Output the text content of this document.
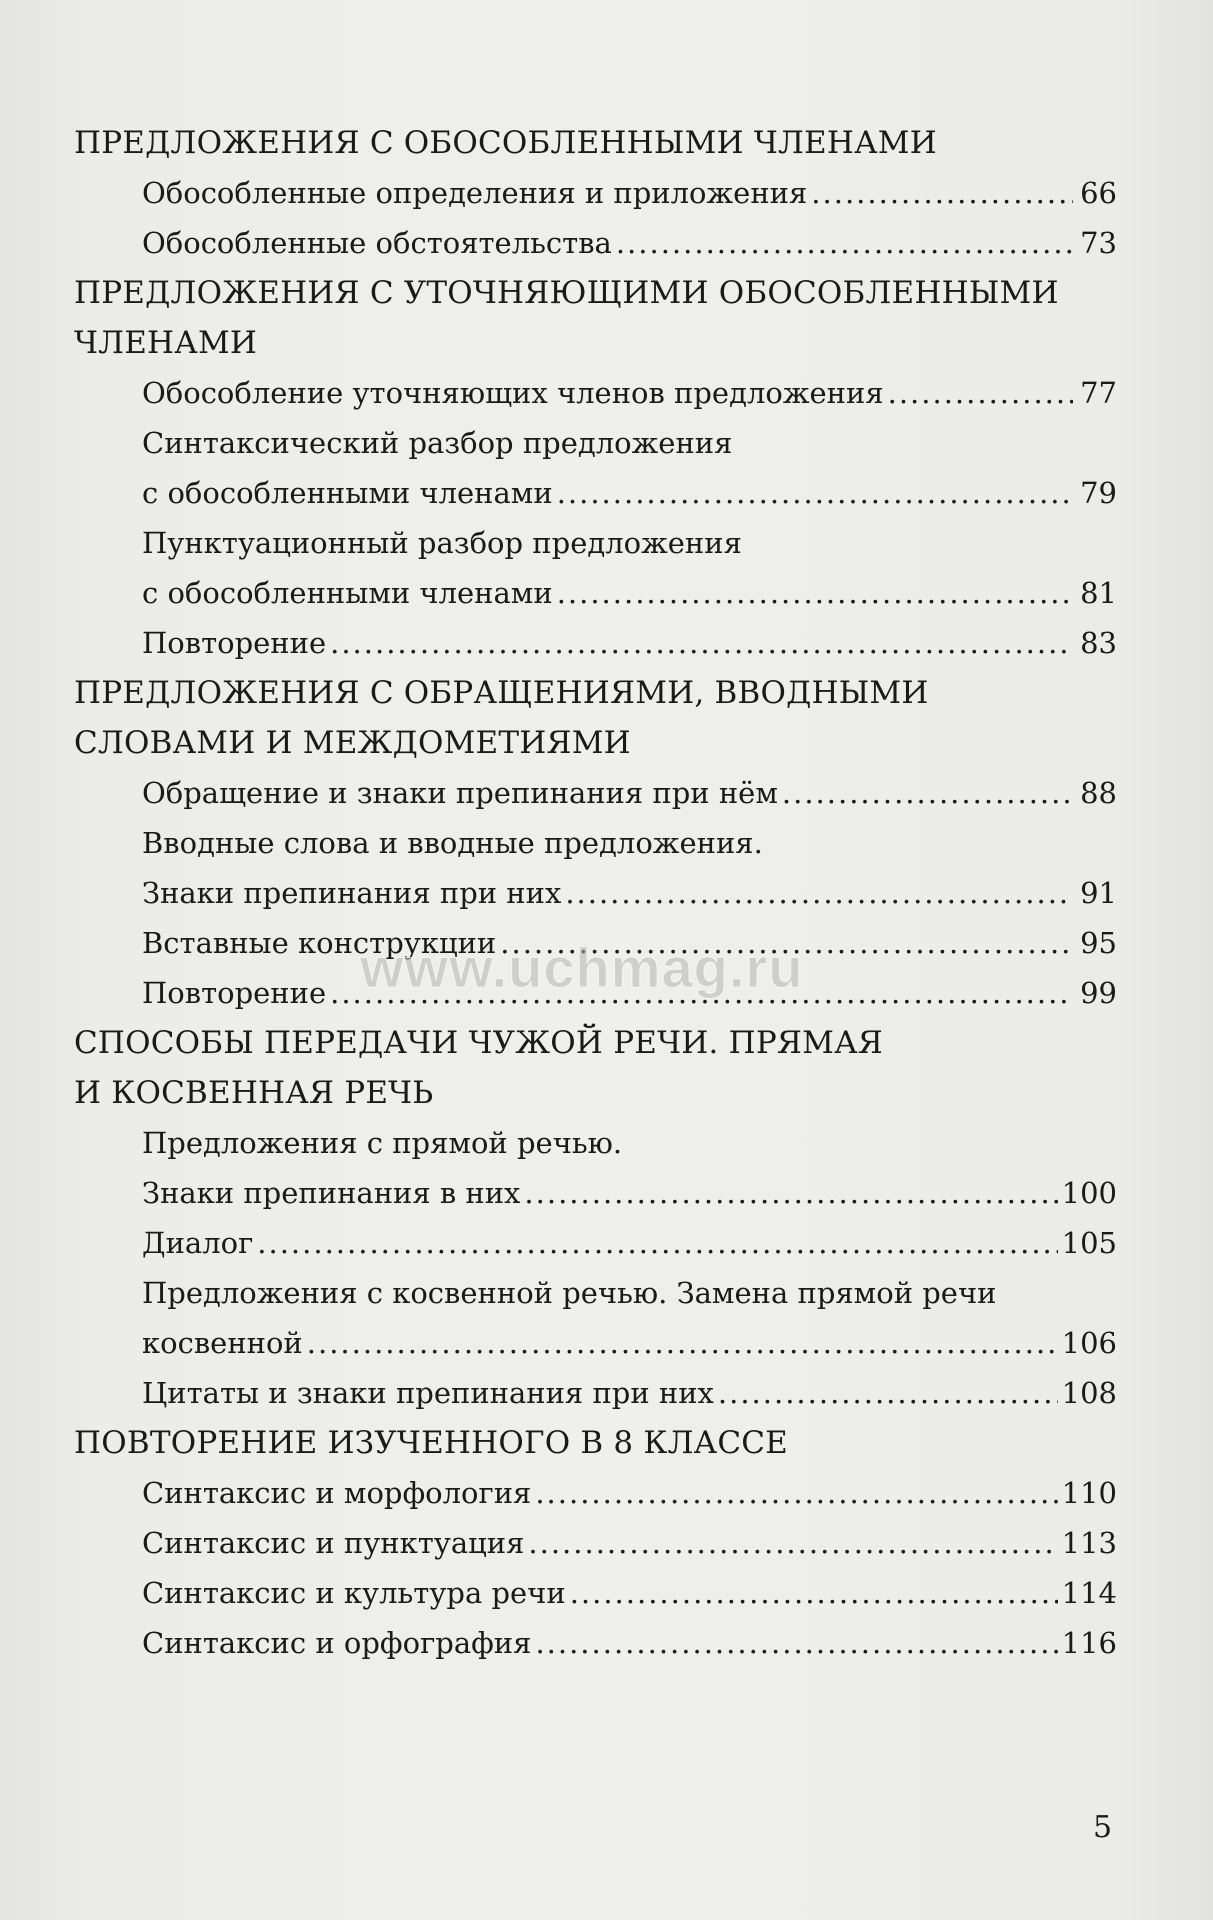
ПРЕДЛОЖЕНИЯ С ОБОСОБЛЕННЫМИ ЧЛЕНАМИ
Обособленные определения и приложения .....	66
Обособленные обстоятельства .....	73
ПРЕДЛОЖЕНИЯ С УТОЧНЯЮЩИМИ ОБОСОБЛЕННЫМИ
ЧЛЕНАМИ
Обособление уточняющих членов предложения .....	77
Синтаксический разбор предложения
с обособленными членами .....	79
Пунктуационный разбор предложения
с обособленными членами .....	81
Повторение .....	83
ПРЕДЛОЖЕНИЯ С ОБРАЩЕНИЯМИ, ВВОДНЫМИ
СЛОВАМИ И МЕЖДОМЕТИЯМИ
Обращение и знаки препинания при нём .....	88
Вводные слова и вводные предложения.
Знаки препинания при них .....	91
Вставные конструкции .....	95
Повторение .....	99
СПОСОБЫ ПЕРЕДАЧИ ЧУЖОЙ РЕЧИ. ПРЯМАЯ
И КОСВЕННАЯ РЕЧЬ
Предложения с прямой речью.
Знаки препинания в них .....	100
Диалог .....	105
Предложения с косвенной речью. Замена прямой речи
косвенной .....	106
Цитаты и знаки препинания при них .....	108
ПОВТОРЕНИЕ ИЗУЧЕННОГО В 8 КЛАССЕ
Синтаксис и морфология .....	110
Синтаксис и пунктуация .....	113
Синтаксис и культура речи .....	114
Синтаксис и орфография .....	116
www.uchmag.ru
5
